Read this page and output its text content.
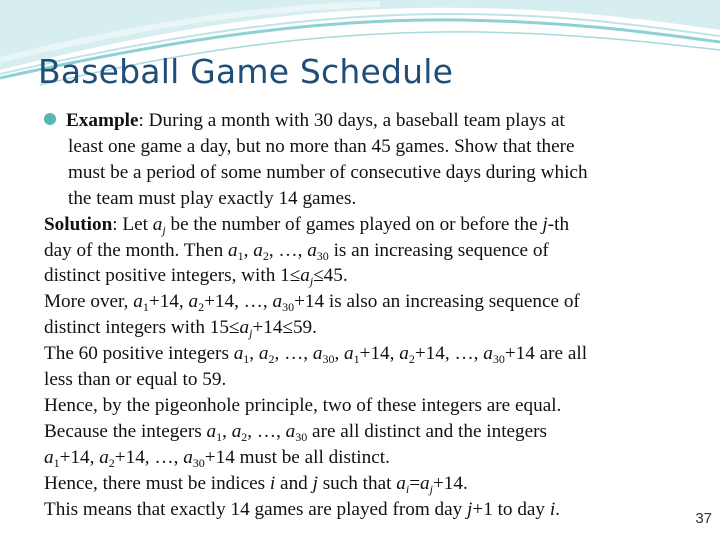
Baseball Game Schedule
Example: During a month with 30 days, a baseball team plays at
least one game a day, but no more than 45 games. Show that there
must be a period of some number of consecutive days during which
the team must play exactly 14 games.
Solution: Let $a_j$ be the number of games played on or before the j-th
day of the month. Then $a_1$, $a_2$, …, $a_{30}$ is an increasing sequence of
distinct positive integers, with $1\le a_j\le 45$.
More over, $a_1+14$, $a_2+14$, …, $a_{30}+14$ is also an increasing sequence of
distinct integers with $15\le a_j+14\le 59$.
The 60 positive integers $a_1$, $a_2$, …, $a_{30}$, $a_1+14$, $a_2+14$, …, $a_{30}+14$ are all
less than or equal to 59.
Hence, by the pigeonhole principle, two of these integers are equal.
Because the integers $a_1$, $a_2$, …, $a_{30}$ are all distinct and the integers
$a_1+14$, $a_2+14$, …, $a_{30}+14$ must be all distinct.
Hence, there must be indices i and j such that $a_i=a_j+14$.
This means that exactly 14 games are played from day j+1 to day i.	37
